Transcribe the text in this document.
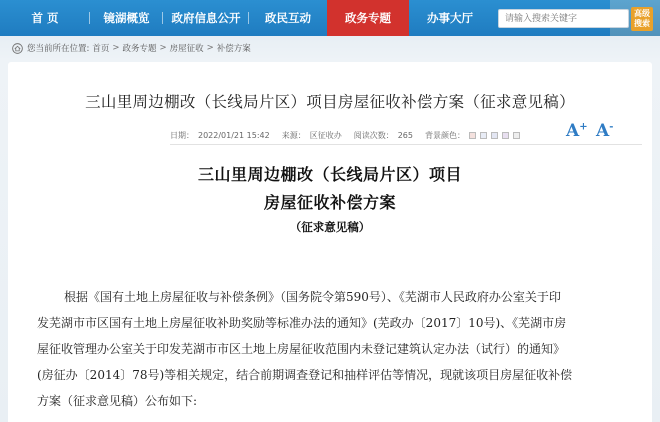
首 页	镜湖概览	政府信息公开	政民互动	政务专题	办事大厅
请输入搜索关键字	高级
搜索
您当前所在位置: 首页 > 政务专题 > 房屋征收 > 补偿方案
三山里周边棚改（长线局片区）项目房屋征收补偿方案（征求意见稿）
日期： 2022/01/21 15:42 来源： 区征收办 阅读次数： 265 背景颜色：	A+ A-
三山里周边棚改（长线局片区）项目
房屋征收补偿方案
（征求意见稿）
根据《国有土地上房屋征收与补偿条例》（国务院令第590号）、《芜湖市人民政府办公室关于印
发芜湖市市区国有土地上房屋征收补助奖励等标准办法的通知》(芜政办〔2017〕10号)、《芜湖市房
屋征收管理办公室关于印发芜湖市市区土地上房屋征收范围内未登记建筑认定办法（试行）的通知》
(房征办〔2014〕78号)等相关规定，结合前期调查登记和抽样评估等情况，现就该项目房屋征收补偿
方案（征求意见稿）公布如下:
